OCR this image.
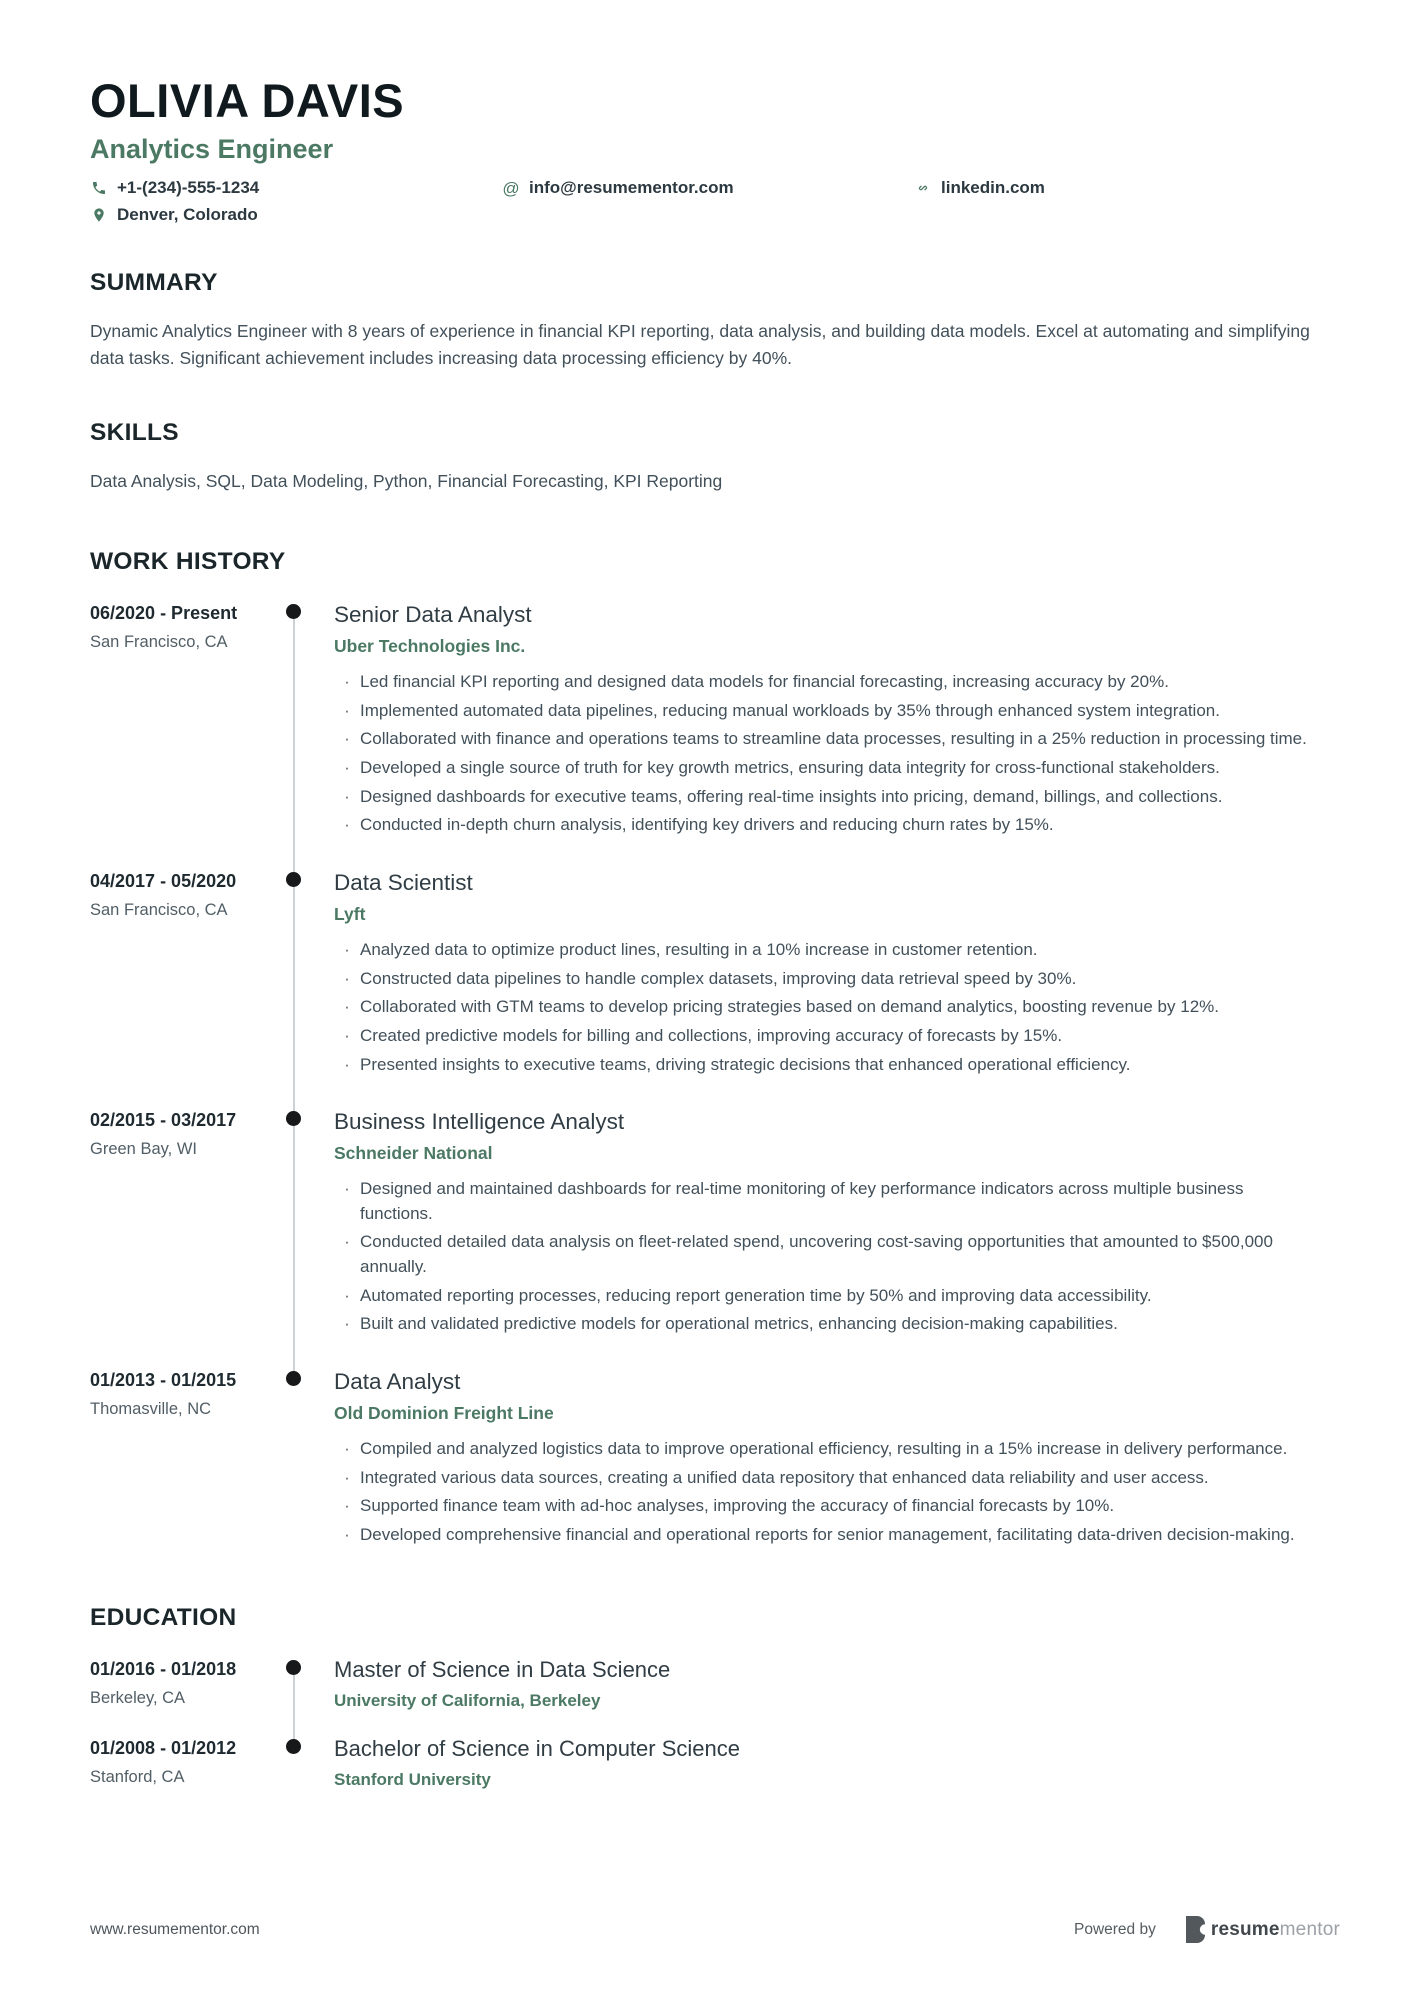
OLIVIA DAVIS
Analytics Engineer
+1-(234)-555-1234	@ info@resumementor.com	linkedin.com
Denver, Colorado
SUMMARY
Dynamic Analytics Engineer with 8 years of experience in financial KPI reporting, data analysis, and building data models. Excel at automating and simplifying data tasks. Significant achievement includes increasing data processing efficiency by 40%.
SKILLS
Data Analysis, SQL, Data Modeling, Python, Financial Forecasting, KPI Reporting
WORK HISTORY
06/2020 - Present
San Francisco, CA
Senior Data Analyst
Uber Technologies Inc.
·
Led financial KPI reporting and designed data models for financial forecasting, increasing accuracy by 20%.
·
Implemented automated data pipelines, reducing manual workloads by 35% through enhanced system integration.
·
Collaborated with finance and operations teams to streamline data processes, resulting in a 25% reduction in processing time.
·
Developed a single source of truth for key growth metrics, ensuring data integrity for cross-functional stakeholders.
·
Designed dashboards for executive teams, offering real-time insights into pricing, demand, billings, and collections.
·
Conducted in-depth churn analysis, identifying key drivers and reducing churn rates by 15%.
04/2017 - 05/2020
San Francisco, CA
Data Scientist
Lyft
·
Analyzed data to optimize product lines, resulting in a 10% increase in customer retention.
·
Constructed data pipelines to handle complex datasets, improving data retrieval speed by 30%.
·
Collaborated with GTM teams to develop pricing strategies based on demand analytics, boosting revenue by 12%.
·
Created predictive models for billing and collections, improving accuracy of forecasts by 15%.
·
Presented insights to executive teams, driving strategic decisions that enhanced operational efficiency.
02/2015 - 03/2017
Green Bay, WI
Business Intelligence Analyst
Schneider National
·
Designed and maintained dashboards for real-time monitoring of key performance indicators across multiple business functions.
·
Conducted detailed data analysis on fleet-related spend, uncovering cost-saving opportunities that amounted to $500,000 annually.
·
Automated reporting processes, reducing report generation time by 50% and improving data accessibility.
·
Built and validated predictive models for operational metrics, enhancing decision-making capabilities.
01/2013 - 01/2015
Thomasville, NC
Data Analyst
Old Dominion Freight Line
·
Compiled and analyzed logistics data to improve operational efficiency, resulting in a 15% increase in delivery performance.
·
Integrated various data sources, creating a unified data repository that enhanced data reliability and user access.
·
Supported finance team with ad-hoc analyses, improving the accuracy of financial forecasts by 10%.
·
Developed comprehensive financial and operational reports for senior management, facilitating data-driven decision-making.
EDUCATION
01/2016 - 01/2018
Berkeley, CA
Master of Science in Data Science
University of California, Berkeley
01/2008 - 01/2012
Stanford, CA
Bachelor of Science in Computer Science
Stanford University
www.resumementor.com	Powered by	resumementor
